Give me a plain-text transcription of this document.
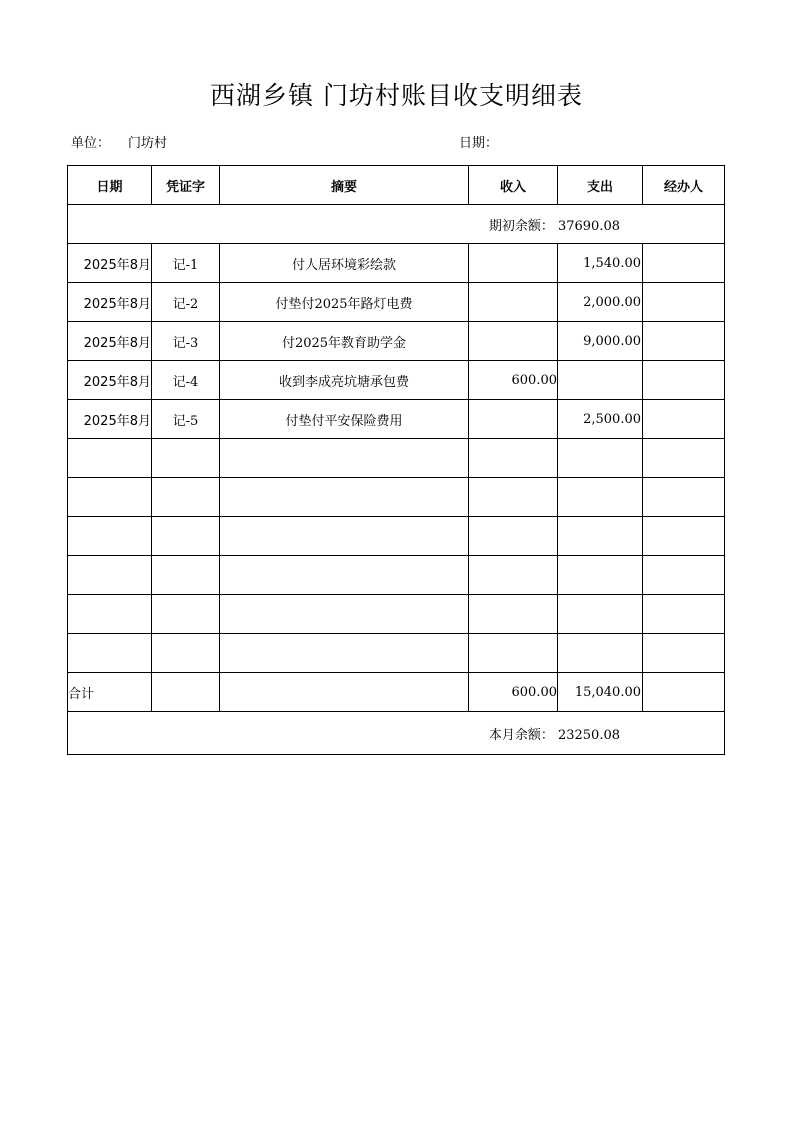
西湖乡镇 门坊村账目收支明细表
单位： 门坊村	日期：
日期	凭证字	摘要	收入	支出	经办人
期初余额： 37690.08					
2025年8月	记-1	付人居环境彩绘款		1,540.00	
2025年8月	记-2	付垫付2025年路灯电费		2,000.00	
2025年8月	记-3	付2025年教育助学金		9,000.00	
2025年8月	记-4	收到李成亮坑塘承包费	600.00		
2025年8月	记-5	付垫付平安保险费用		2,500.00	

合计			600.00	15,040.00	
本月余额： 23250.08					
